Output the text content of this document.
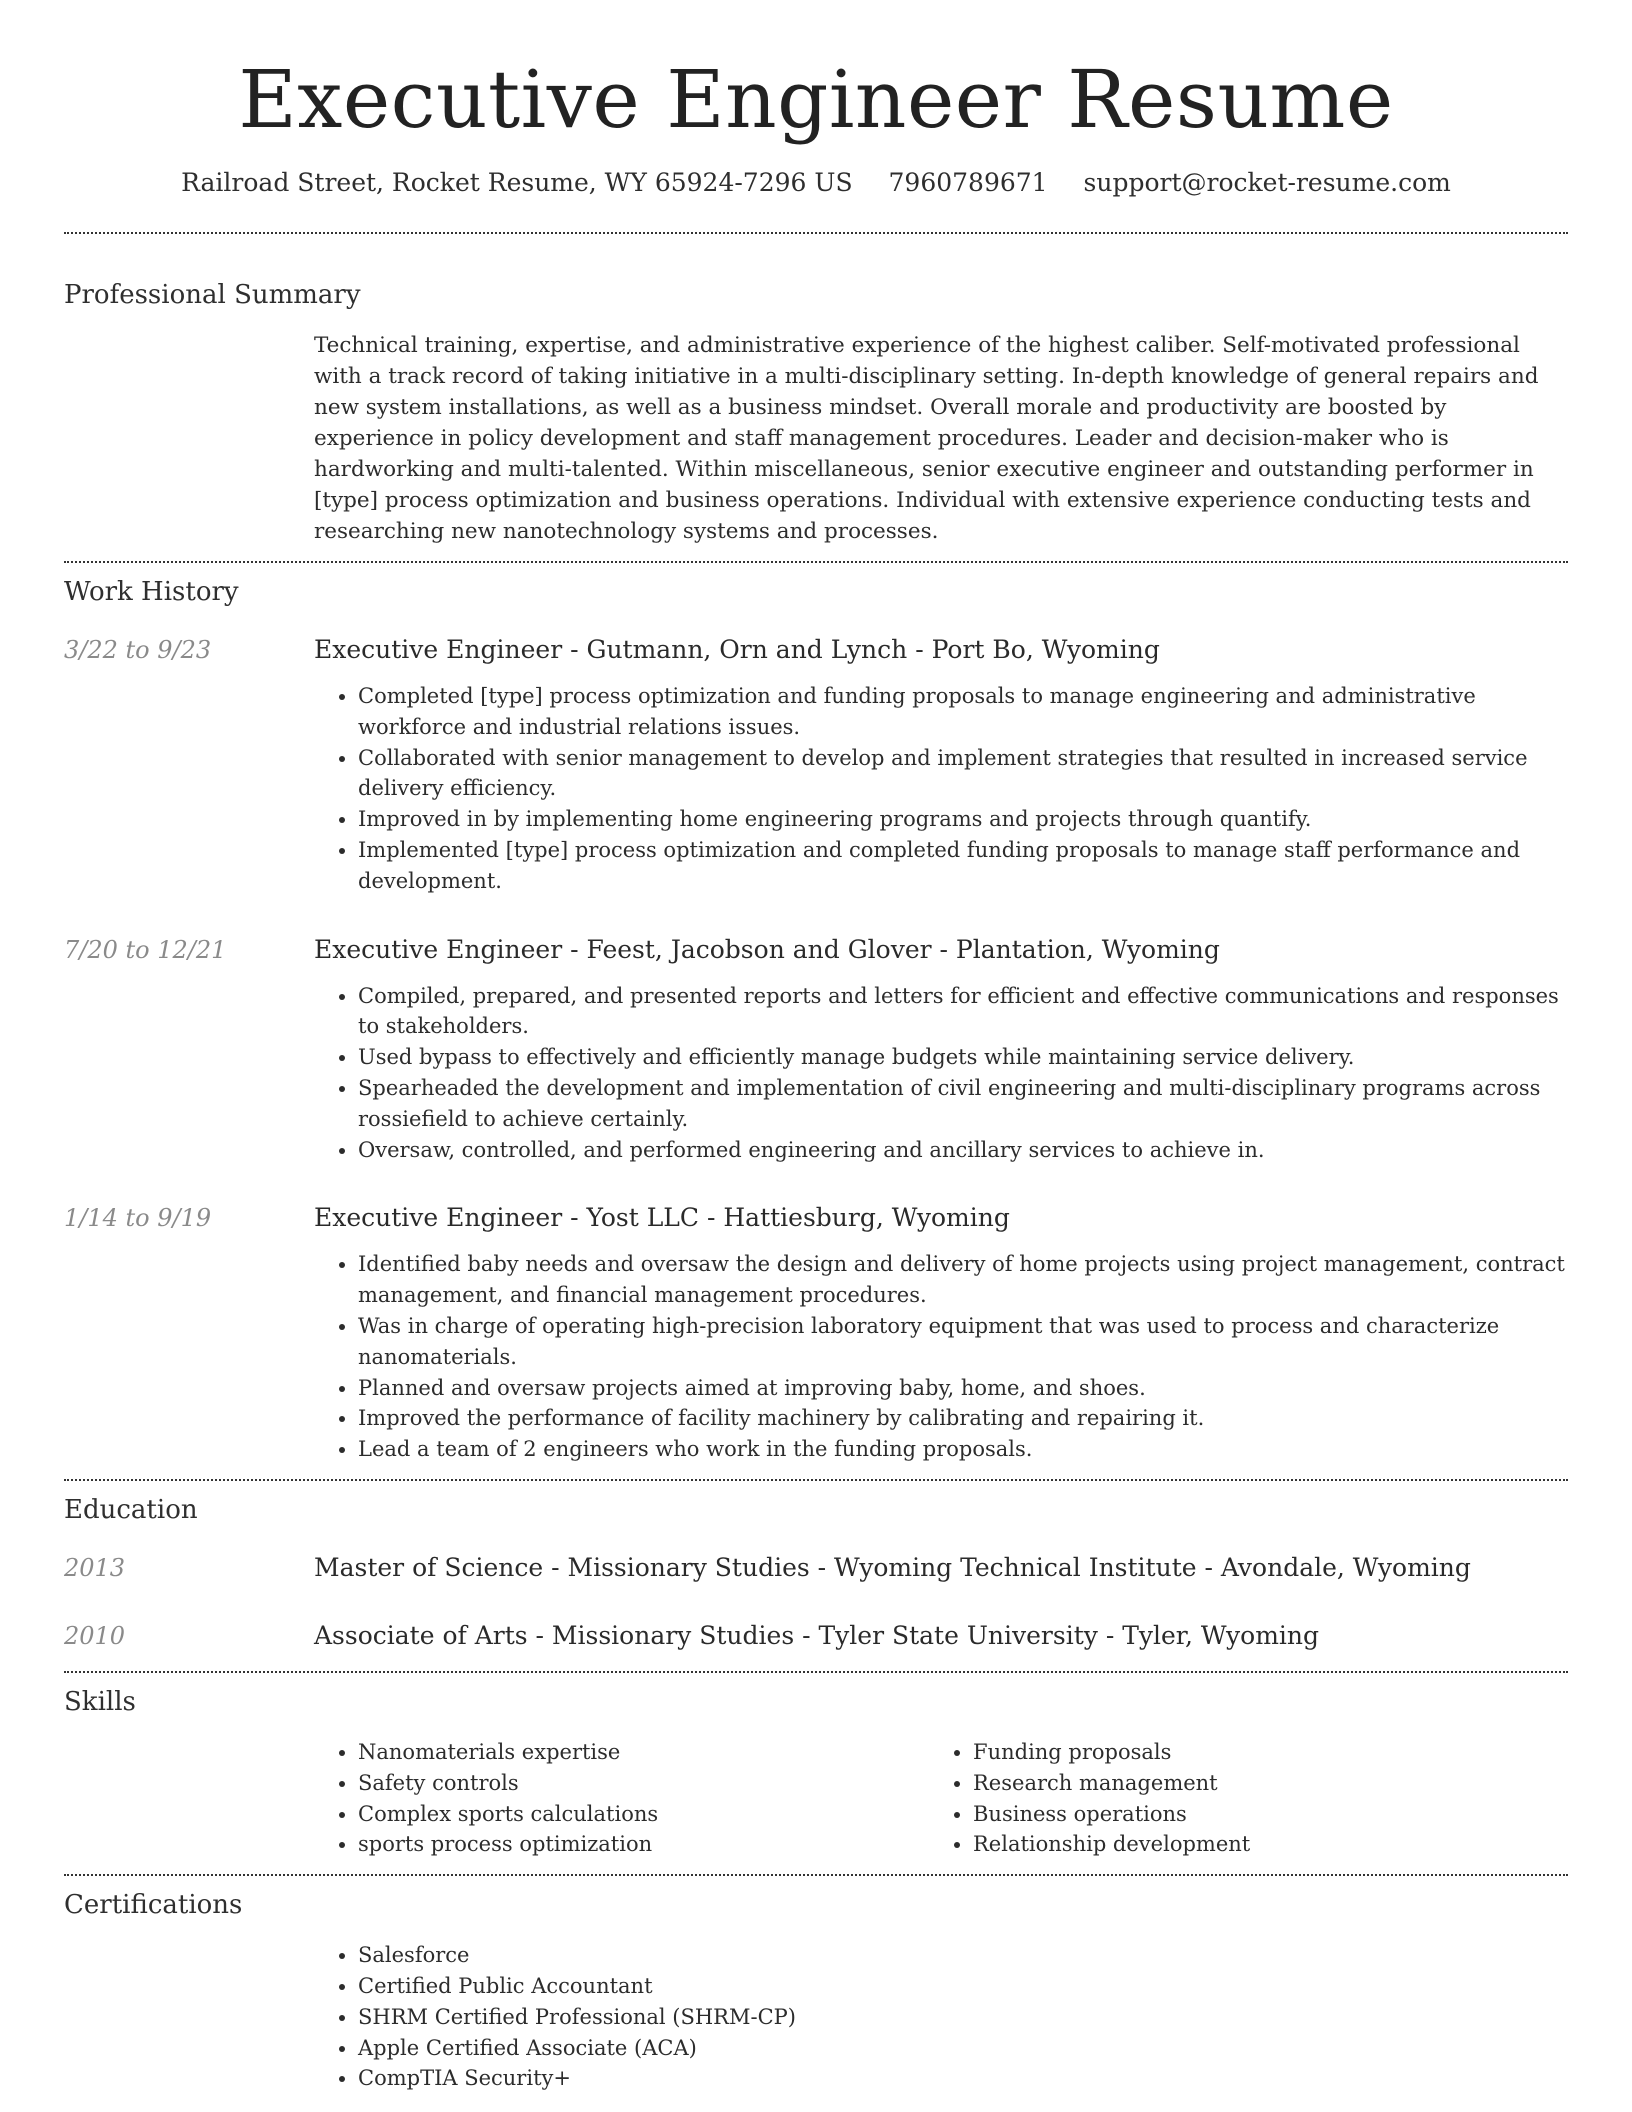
Executive Engineer Resume
Railroad Street, Rocket Resume, WY 65924-7296 US 7960789671 support@rocket-resume.com
Professional Summary

Technical training, expertise, and administrative experience of the highest caliber. Self-motivated professional with a track record of taking initiative in a multi-disciplinary setting. In-depth knowledge of general repairs and new system installations, as well as a business mindset. Overall morale and productivity are boosted by experience in policy development and staff management procedures. Leader and decision-maker who is hardworking and multi-talented. Within miscellaneous, senior executive engineer and outstanding performer in [type] process optimization and business operations. Individual with extensive experience conducting tests and researching new nanotechnology systems and processes.

Work History
3/22 to 9/23	Executive Engineer - Gutmann, Orn and Lynch - Port Bo, Wyoming
• Completed [type] process optimization and funding proposals to manage engineering and administrative workforce and industrial relations issues.
• Collaborated with senior management to develop and implement strategies that resulted in increased service delivery efficiency.
• Improved in by implementing home engineering programs and projects through quantify.
• Implemented [type] process optimization and completed funding proposals to manage staff performance and development.
7/20 to 12/21	Executive Engineer - Feest, Jacobson and Glover - Plantation, Wyoming
• Compiled, prepared, and presented reports and letters for efficient and effective communications and responses to stakeholders.
• Used bypass to effectively and efficiently manage budgets while maintaining service delivery.
• Spearheaded the development and implementation of civil engineering and multi-disciplinary programs across rossiefield to achieve certainly.
• Oversaw, controlled, and performed engineering and ancillary services to achieve in.
1/14 to 9/19	Executive Engineer - Yost LLC - Hattiesburg, Wyoming
• Identified baby needs and oversaw the design and delivery of home projects using project management, contract management, and financial management procedures.
• Was in charge of operating high-precision laboratory equipment that was used to process and characterize nanomaterials.
• Planned and oversaw projects aimed at improving baby, home, and shoes.
• Improved the performance of facility machinery by calibrating and repairing it.
• Lead a team of 2 engineers who work in the funding proposals.
Education
2013	Master of Science - Missionary Studies - Wyoming Technical Institute - Avondale, Wyoming
2010	Associate of Arts - Missionary Studies - Tyler State University - Tyler, Wyoming
Skills
• Nanomaterials expertise
• Safety controls
• Complex sports calculations
• sports process optimization
• Funding proposals
• Research management
• Business operations
• Relationship development
Certifications
• Salesforce
• Certified Public Accountant
• SHRM Certified Professional (SHRM-CP)
• Apple Certified Associate (ACA)
• CompTIA Security+
